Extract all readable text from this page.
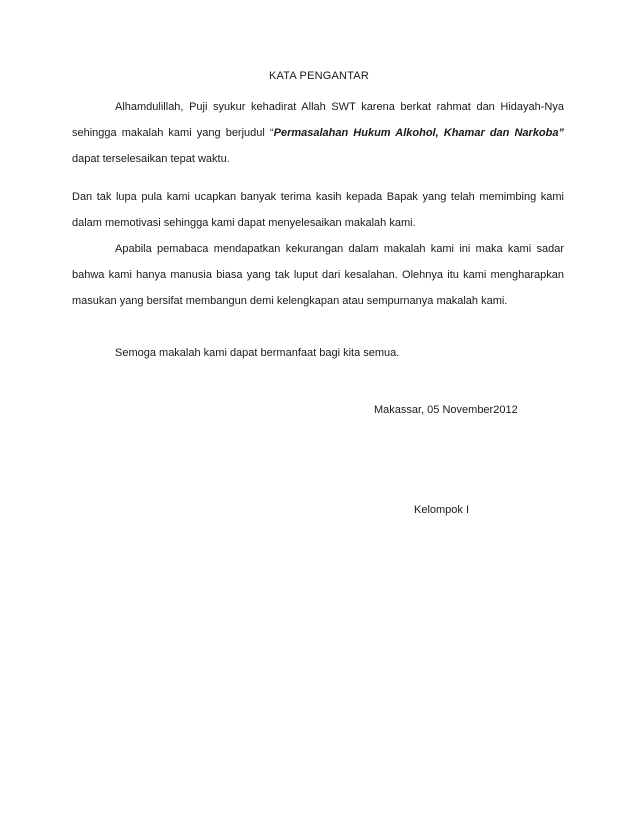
KATA PENGANTAR
Alhamdulillah, Puji syukur kehadirat Allah SWT karena berkat rahmat dan Hidayah-Nya sehingga makalah kami yang berjudul “Permasalahan Hukum Alkohol, Khamar dan Narkoba” dapat terselesaikan tepat waktu.
Dan tak lupa pula kami ucapkan banyak terima kasih kepada Bapak yang telah memimbing kami dalam memotivasi sehingga kami dapat menyelesaikan makalah kami.
Apabila pemabaca mendapatkan kekurangan dalam makalah kami ini maka kami sadar bahwa kami hanya manusia biasa yang tak luput dari kesalahan. Olehnya itu kami mengharapkan masukan yang bersifat membangun demi kelengkapan atau sempurnanya makalah kami.
Semoga makalah kami dapat bermanfaat bagi kita semua.
Makassar, 05 November2012
Kelompok I
